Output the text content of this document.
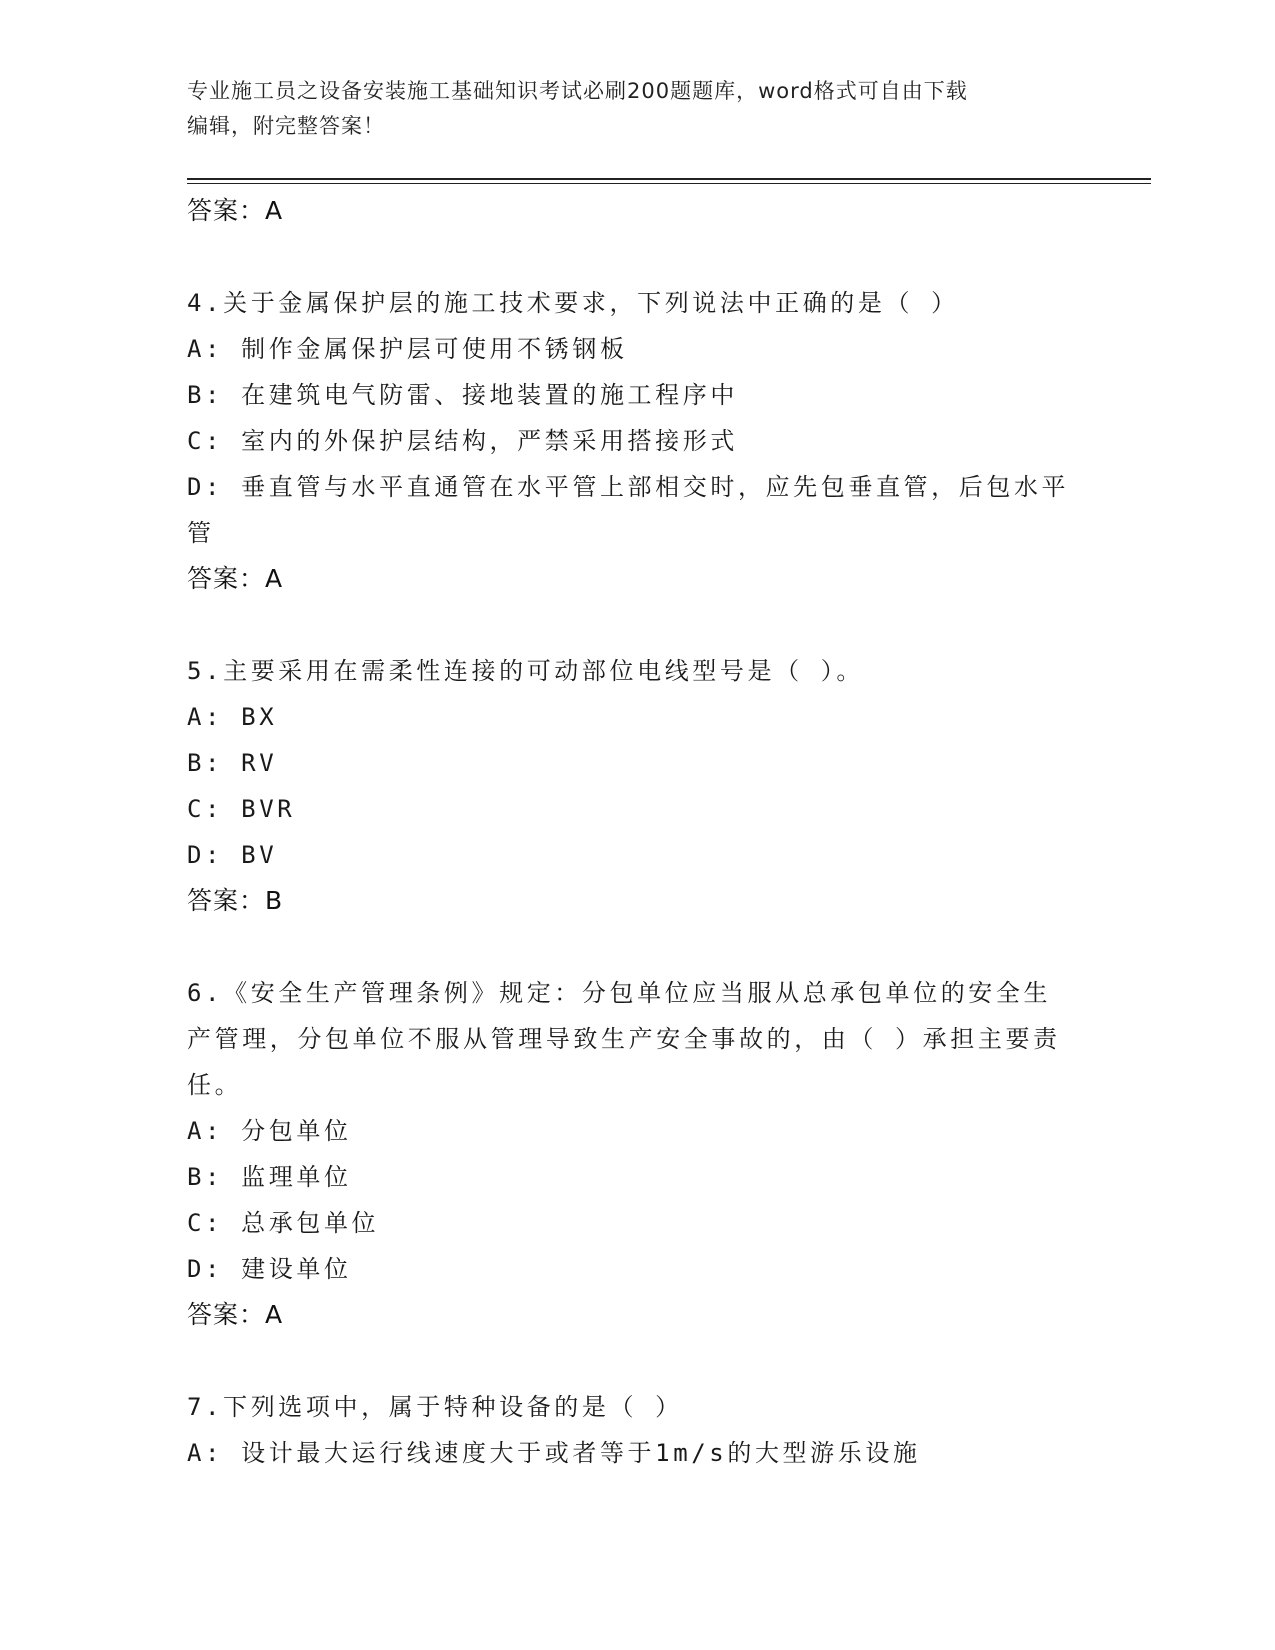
专业施工员之设备安装施工基础知识考试必刷200题题库，word格式可自由下载
编辑，附完整答案！
答案：A
4.关于金属保护层的施工技术要求，下列说法中正确的是（ ）
A: 制作金属保护层可使用不锈钢板
B: 在建筑电气防雷、接地装置的施工程序中
C: 室内的外保护层结构，严禁采用搭接形式
D: 垂直管与水平直通管在水平管上部相交时，应先包垂直管，后包水平管
答案：A
5.主要采用在需柔性连接的可动部位电线型号是（ ）。
A: BX
B: RV
C: BVR
D: BV
答案：B
6.《安全生产管理条例》规定：分包单位应当服从总承包单位的安全生产管理，分包单位不服从管理导致生产安全事故的，由（ ）承担主要责任。
A: 分包单位
B: 监理单位
C: 总承包单位
D: 建设单位
答案：A
7.下列选项中，属于特种设备的是（ ）
A: 设计最大运行线速度大于或者等于1m/s的大型游乐设施
